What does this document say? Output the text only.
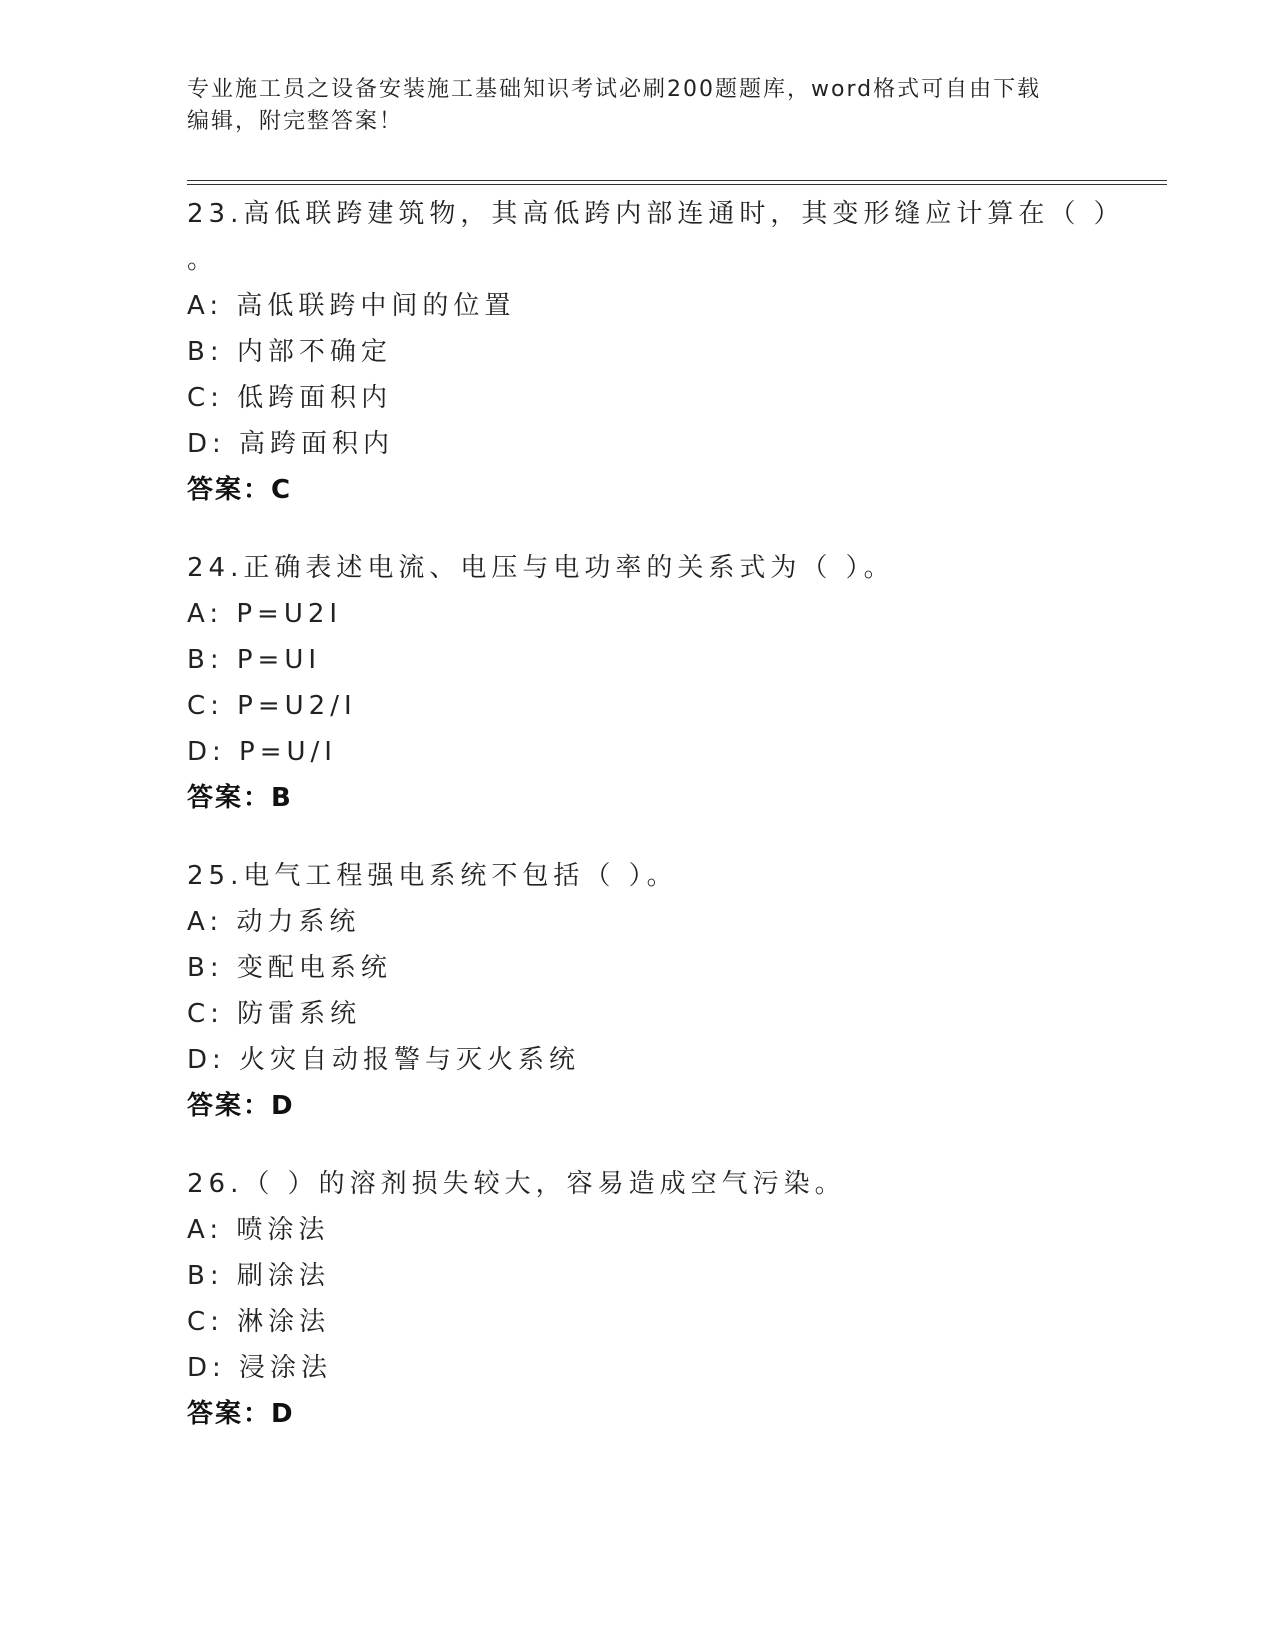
专业施工员之设备安装施工基础知识考试必刷200题题库，word格式可自由下载
编辑，附完整答案！
23.高低联跨建筑物，其高低跨内部连通时，其变形缝应计算在（ ）
。
A: 高低联跨中间的位置
B: 内部不确定
C: 低跨面积内
D: 高跨面积内
答案：C
24.正确表述电流、电压与电功率的关系式为（ ）。
A: P=U2I
B: P=UI
C: P=U2/I
D: P=U/I
答案：B
25.电气工程强电系统不包括（ ）。
A: 动力系统
B: 变配电系统
C: 防雷系统
D: 火灾自动报警与灭火系统
答案：D
26.（ ）的溶剂损失较大，容易造成空气污染。
A: 喷涂法
B: 刷涂法
C: 淋涂法
D: 浸涂法
答案：D
